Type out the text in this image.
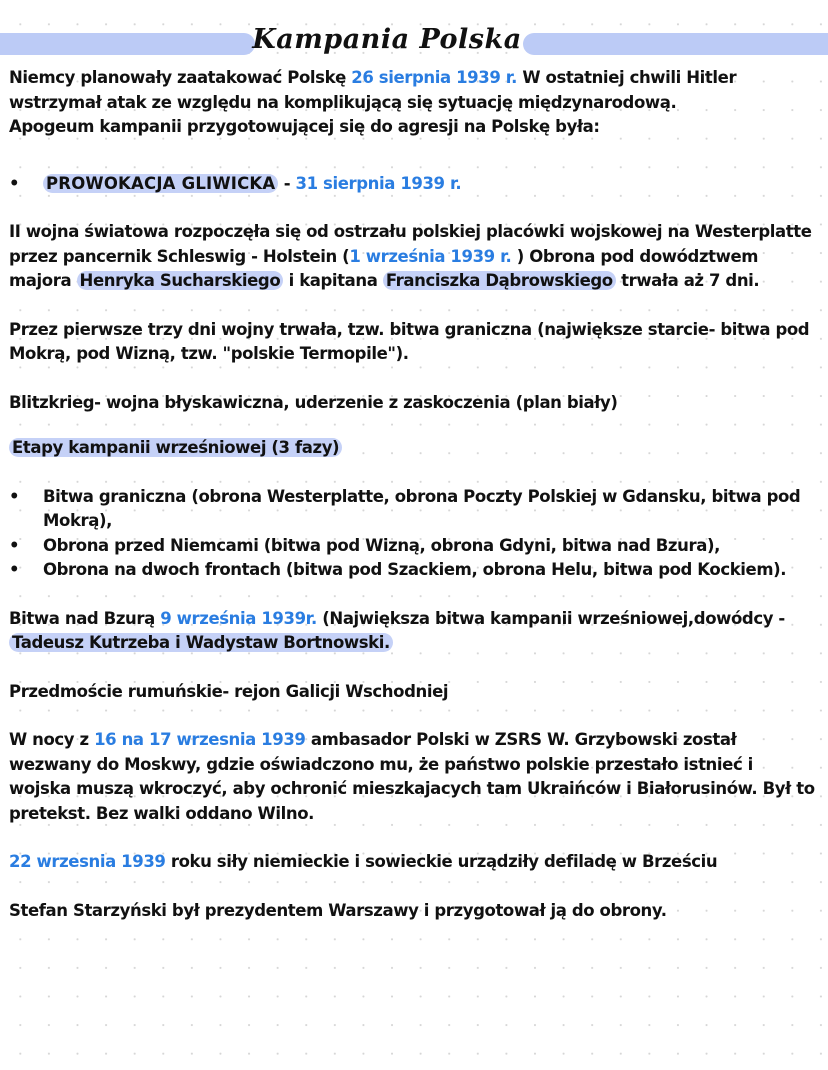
Kampania Polska

Niemcy planowały zaatakować Polskę 26 sierpnia 1939 r. W ostatniej chwili Hitler
wstrzymał atak ze względu na komplikującą się sytuację międzynarodową.
Apogeum kampanii przygotowującej się do agresji na Polskę była:

•	PROWOKACJA GLIWICKA - 31 sierpnia 1939 r.

II wojna światowa rozpoczęła się od ostrzału polskiej placówki wojskowej na Westerplatte przez pancernik Schleswig - Holstein (1 września 1939 r. ) Obrona pod dowództwem majora Henryka Sucharskiego i kapitana Franciszka Dąbrowskiego trwała aż 7 dni.

Przez pierwsze trzy dni wojny trwała, tzw. bitwa graniczna (największe starcie- bitwa pod Mokrą, pod Wizną, tzw. "polskie Termopile").

Blitzkrieg- wojna błyskawiczna, uderzenie z zaskoczenia (plan biały)

Etapy kampanii wrześniowej (3 fazy)

•	Bitwa graniczna (obrona Westerplatte, obrona Poczty Polskiej w Gdansku, bitwa pod Mokrą),
•	Obrona przed Niemcami (bitwa pod Wizną, obrona Gdyni, bitwa nad Bzura),
•	Obrona na dwoch frontach (bitwa pod Szackiem, obrona Helu, bitwa pod Kockiem).

Bitwa nad Bzurą 9 września 1939r. (Największa bitwa kampanii wrześniowej,dowódcy - Tadeusz Kutrzeba i Wadystaw Bortnowski.

Przedmoście rumuńskie- rejon Galicji Wschodniej

W nocy z 16 na 17 wrzesnia 1939 ambasador Polski w ZSRS W. Grzybowski został wezwany do Moskwy, gdzie oświadczono mu, że państwo polskie przestało istnieć i wojska muszą wkroczyć, aby ochronić mieszkajacych tam Ukraińców i Białorusinów. Był to pretekst. Bez walki oddano Wilno.

22 wrzesnia 1939 roku siły niemieckie i sowieckie urządziły defiladę w Brześciu

Stefan Starzyński był prezydentem Warszawy i przygotował ją do obrony.
